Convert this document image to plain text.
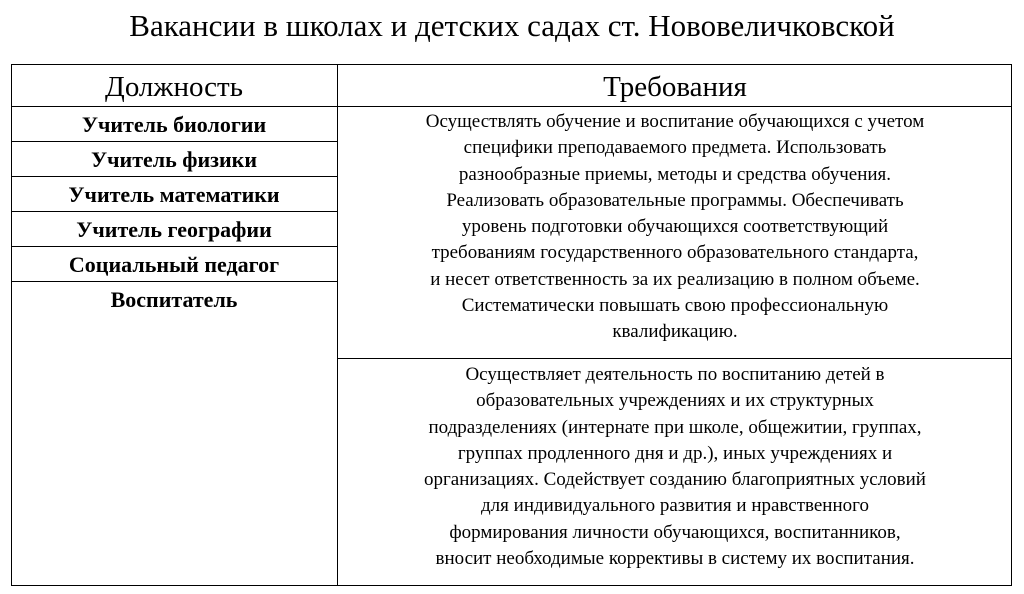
Вакансии в школах и детских садах ст. Нововеличковской
Должность	Требования
Учитель биологии
Учитель физики
Учитель математики
Учитель географии
Социальный педагог
Воспитатель
Осуществлять обучение и воспитание обучающихся с учетом
специфики преподаваемого предмета. Использовать
разнообразные приемы, методы и средства обучения.
Реализовать образовательные программы. Обеспечивать
уровень подготовки обучающихся соответствующий
требованиям государственного образовательного стандарта,
и несет ответственность за их реализацию в полном объеме.
Систематически повышать свою профессиональную
квалификацию.
Осуществляет деятельность по воспитанию детей в
образовательных учреждениях и их структурных
подразделениях (интернате при школе, общежитии, группах,
группах продленного дня и др.), иных учреждениях и
организациях. Содействует созданию благоприятных условий
для индивидуального развития и нравственного
формирования личности обучающихся, воспитанников,
вносит необходимые коррективы в систему их воспитания.
